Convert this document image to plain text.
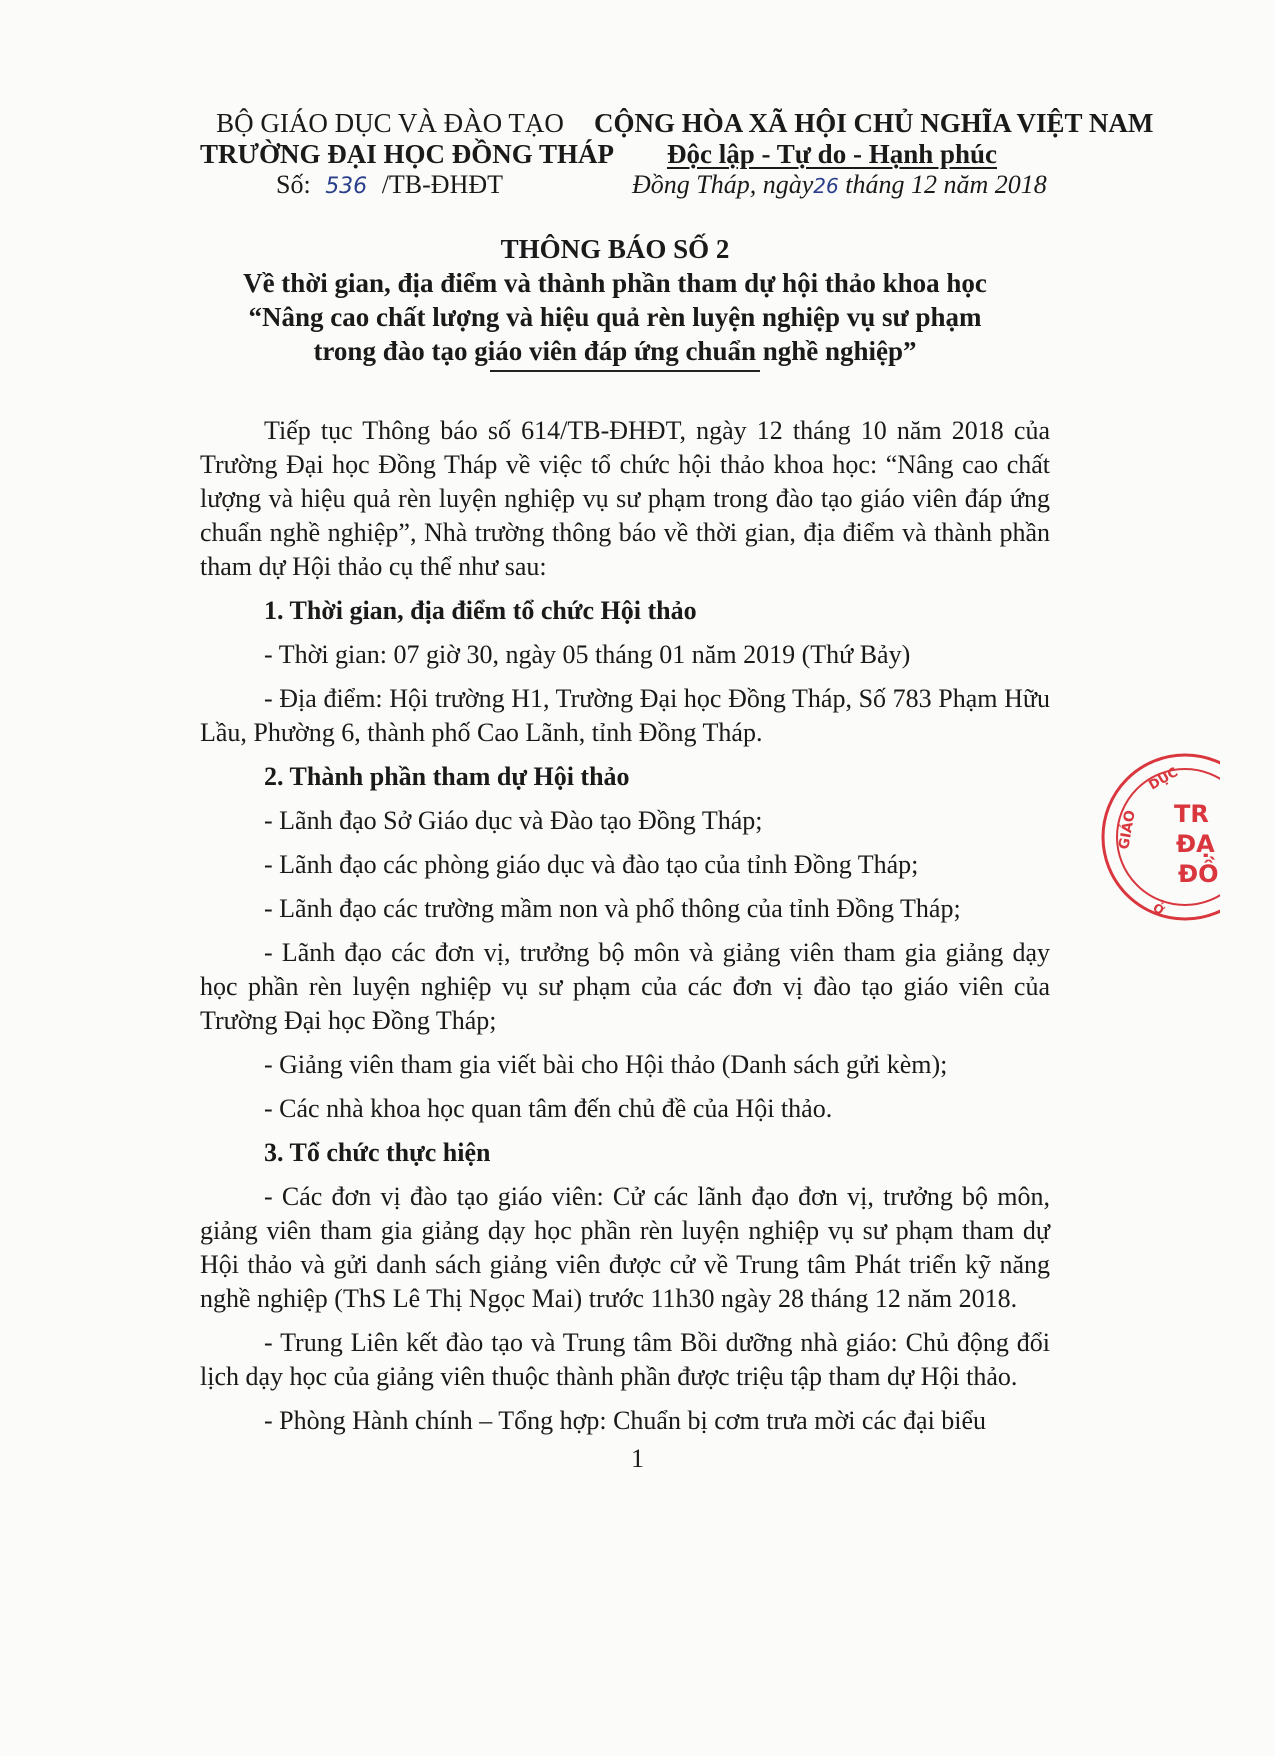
BỘ GIÁO DỤC VÀ ĐÀO TẠO
TRƯỜNG ĐẠI HỌC ĐỒNG THÁP
CỘNG HÒA XÃ HỘI CHỦ NGHĨA VIỆT NAM
Độc lập - Tự do - Hạnh phúc
Số: 536 /TB-ĐHĐT	Đồng Tháp, ngày26 tháng 12 năm 2018
THÔNG BÁO SỐ 2
Về thời gian, địa điểm và thành phần tham dự hội thảo khoa học
“Nâng cao chất lượng và hiệu quả rèn luyện nghiệp vụ sư phạm
trong đào tạo giáo viên đáp ứng chuẩn nghề nghiệp”

Tiếp tục Thông báo số 614/TB-ĐHĐT, ngày 12 tháng 10 năm 2018 của Trường Đại học Đồng Tháp về việc tổ chức hội thảo khoa học: “Nâng cao chất lượng và hiệu quả rèn luyện nghiệp vụ sư phạm trong đào tạo giáo viên đáp ứng chuẩn nghề nghiệp”, Nhà trường thông báo về thời gian, địa điểm và thành phần tham dự Hội thảo cụ thể như sau:

1. Thời gian, địa điểm tổ chức Hội thảo

- Thời gian: 07 giờ 30, ngày 05 tháng 01 năm 2019 (Thứ Bảy)

- Địa điểm: Hội trường H1, Trường Đại học Đồng Tháp, Số 783 Phạm Hữu Lầu, Phường 6, thành phố Cao Lãnh, tỉnh Đồng Tháp.

2. Thành phần tham dự Hội thảo

- Lãnh đạo Sở Giáo dục và Đào tạo Đồng Tháp;

- Lãnh đạo các phòng giáo dục và đào tạo của tỉnh Đồng Tháp;

- Lãnh đạo các trường mầm non và phổ thông của tỉnh Đồng Tháp;

- Lãnh đạo các đơn vị, trưởng bộ môn và giảng viên tham gia giảng dạy học phần rèn luyện nghiệp vụ sư phạm của các đơn vị đào tạo giáo viên của Trường Đại học Đồng Tháp;

- Giảng viên tham gia viết bài cho Hội thảo (Danh sách gửi kèm);

- Các nhà khoa học quan tâm đến chủ đề của Hội thảo.

3. Tổ chức thực hiện

- Các đơn vị đào tạo giáo viên: Cử các lãnh đạo đơn vị, trưởng bộ môn, giảng viên tham gia giảng dạy học phần rèn luyện nghiệp vụ sư phạm tham dự Hội thảo và gửi danh sách giảng viên được cử về Trung tâm Phát triển kỹ năng nghề nghiệp (ThS Lê Thị Ngọc Mai) trước 11h30 ngày 28 tháng 12 năm 2018.

- Trung Liên kết đào tạo và Trung tâm Bồi dưỡng nhà giáo: Chủ động đổi lịch dạy học của giảng viên thuộc thành phần được triệu tập tham dự Hội thảo.

- Phòng Hành chính – Tổng hợp: Chuẩn bị cơm trưa mời các đại biểu

1
GIÁO
DỤC
Ở
TR
ĐẠ
ĐỒ
